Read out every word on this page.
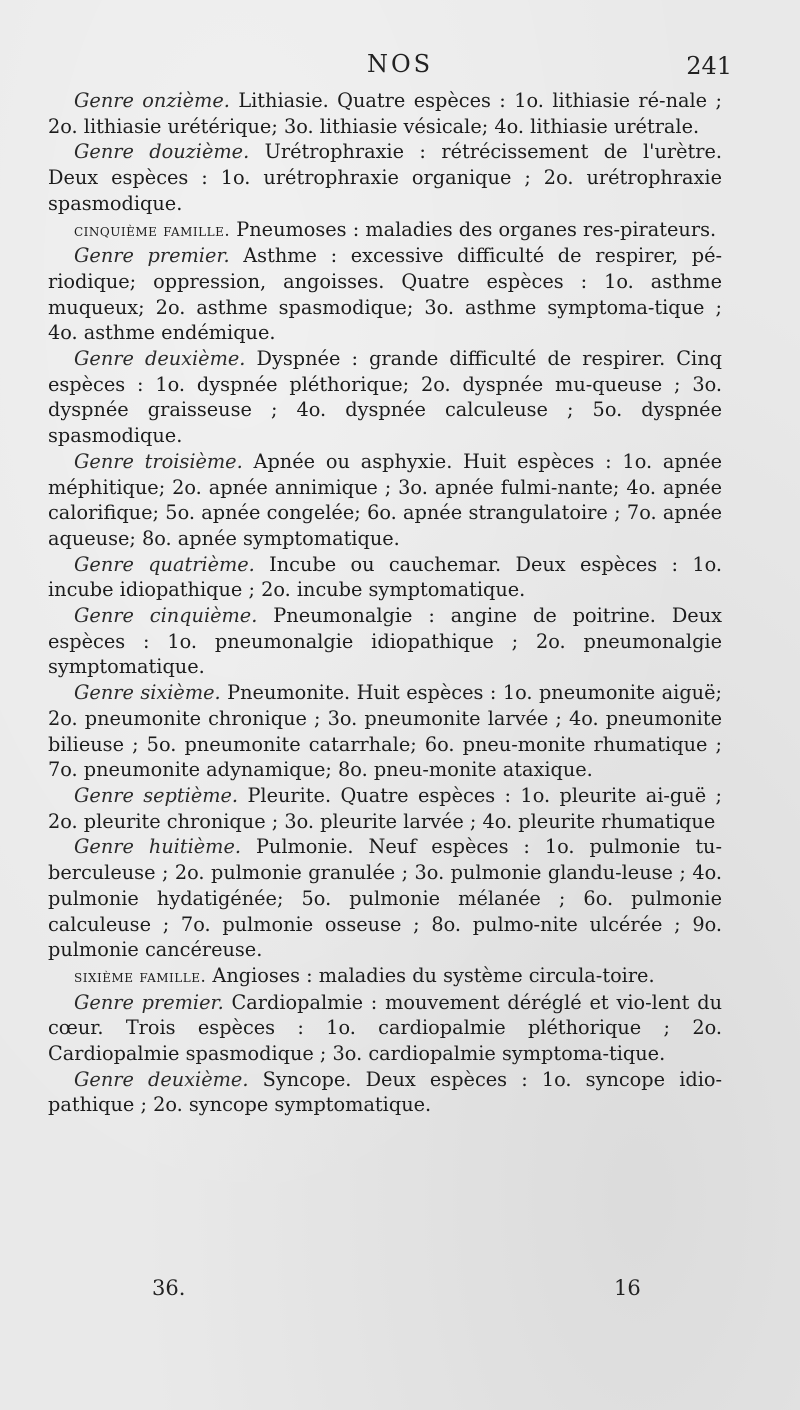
NOS	241

Genre onzième. Lithiasie. Quatre espèces : 1o. lithiasie ré-nale ; 2o. lithiasie urétérique; 3o. lithiasie vésicale; 4o. lithiasie urétrale.

Genre douzième. Urétrophraxie : rétrécissement de l'urètre. Deux espèces : 1o. urétrophraxie organique ; 2o. urétrophraxie spasmodique.

cinquième famille. Pneumoses : maladies des organes res-pirateurs.

Genre premier. Asthme : excessive difficulté de respirer, pé-riodique; oppression, angoisses. Quatre espèces : 1o. asthme muqueux; 2o. asthme spasmodique; 3o. asthme symptoma-tique ; 4o. asthme endémique.

Genre deuxième. Dyspnée : grande difficulté de respirer. Cinq espèces : 1o. dyspnée pléthorique; 2o. dyspnée mu-queuse ; 3o. dyspnée graisseuse ; 4o. dyspnée calculeuse ; 5o. dyspnée spasmodique.

Genre troisième. Apnée ou asphyxie. Huit espèces : 1o. apnée méphitique; 2o. apnée annimique ; 3o. apnée fulmi-nante; 4o. apnée calorifique; 5o. apnée congelée; 6o. apnée strangulatoire ; 7o. apnée aqueuse; 8o. apnée symptomatique.

Genre quatrième. Incube ou cauchemar. Deux espèces : 1o. incube idiopathique ; 2o. incube symptomatique.

Genre cinquième. Pneumonalgie : angine de poitrine. Deux espèces : 1o. pneumonalgie idiopathique ; 2o. pneumonalgie symptomatique.

Genre sixième. Pneumonite. Huit espèces : 1o. pneumonite aiguë; 2o. pneumonite chronique ; 3o. pneumonite larvée ; 4o. pneumonite bilieuse ; 5o. pneumonite catarrhale; 6o. pneu-monite rhumatique ; 7o. pneumonite adynamique; 8o. pneu-monite ataxique.

Genre septième. Pleurite. Quatre espèces : 1o. pleurite ai-guë ; 2o. pleurite chronique ; 3o. pleurite larvée ; 4o. pleurite rhumatique

Genre huitième. Pulmonie. Neuf espèces : 1o. pulmonie tu-berculeuse ; 2o. pulmonie granulée ; 3o. pulmonie glandu-leuse ; 4o. pulmonie hydatigénée; 5o. pulmonie mélanée ; 6o. pulmonie calculeuse ; 7o. pulmonie osseuse ; 8o. pulmo-nite ulcérée ; 9o. pulmonie cancéreuse.

sixième famille. Angioses : maladies du système circula-toire.

Genre premier. Cardiopalmie : mouvement déréglé et vio-lent du cœur. Trois espèces : 1o. cardiopalmie pléthorique ; 2o. Cardiopalmie spasmodique ; 3o. cardiopalmie symptoma-tique.

Genre deuxième. Syncope. Deux espèces : 1o. syncope idio-pathique ; 2o. syncope symptomatique.

36.	16
